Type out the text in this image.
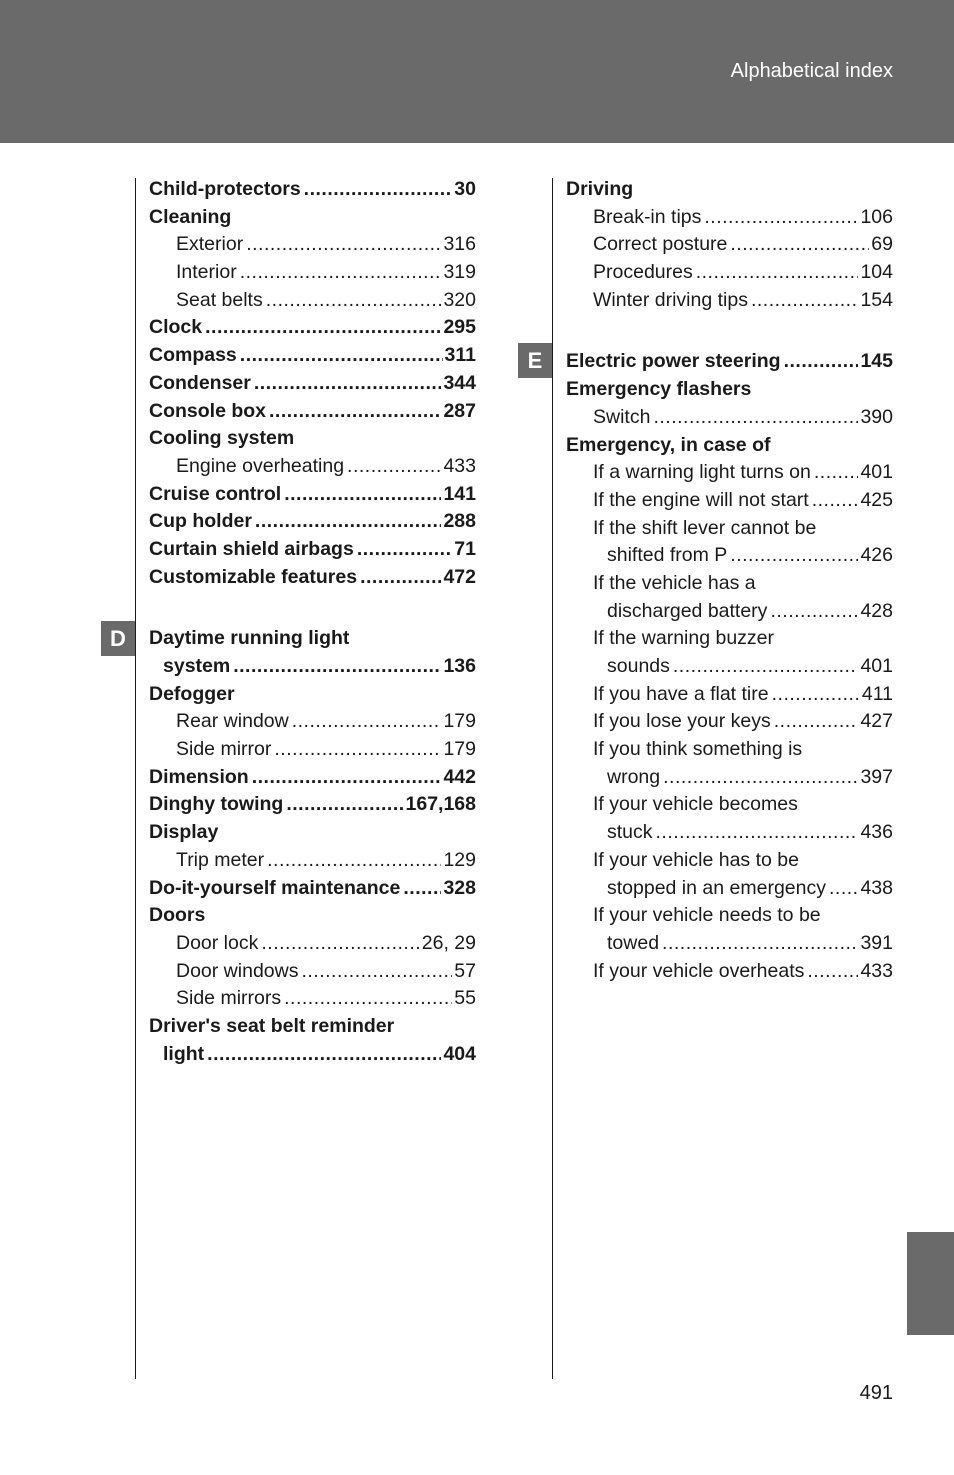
Alphabetical index
Child-protectors .....	30
Cleaning
Exterior .....	316
Interior .....	319
Seat belts .....	320
Clock .....	295
Compass .....	311
Condenser .....	344
Console box .....	287
Cooling system
Engine overheating .....	433
Cruise control .....	141
Cup holder .....	288
Curtain shield airbags .....	71
Customizable features .....	472
Daytime running light
system .....	136
Defogger
Rear window .....	179
Side mirror .....	179
Dimension .....	442
Dinghy towing .....	167,168
Display
Trip meter .....	129
Do-it-yourself maintenance ..... 328
Doors
Door lock .....	26, 29
Door windows .....	57
Side mirrors .....	55
Driver's seat belt reminder
light .....	404
Driving
Break-in tips .....	106
Correct posture .....	69
Procedures .....	104
Winter driving tips .....	154
Electric power steering .....	145
Emergency flashers
Switch .....	390
Emergency, in case of
If a warning light turns on .....	401
If the engine will not start .....	425
If the shift lever cannot be
shifted from P .....	426
If the vehicle has a
discharged battery .....	428
If the warning buzzer
sounds .....	401
If you have a flat tire .....	411
If you lose your keys .....	427
If you think something is
wrong .....	397
If your vehicle becomes
stuck .....	436
If your vehicle has to be
stopped in an emergency ..... 438
If your vehicle needs to be
towed .....	391
If your vehicle overheats .....	433
D
E
491
